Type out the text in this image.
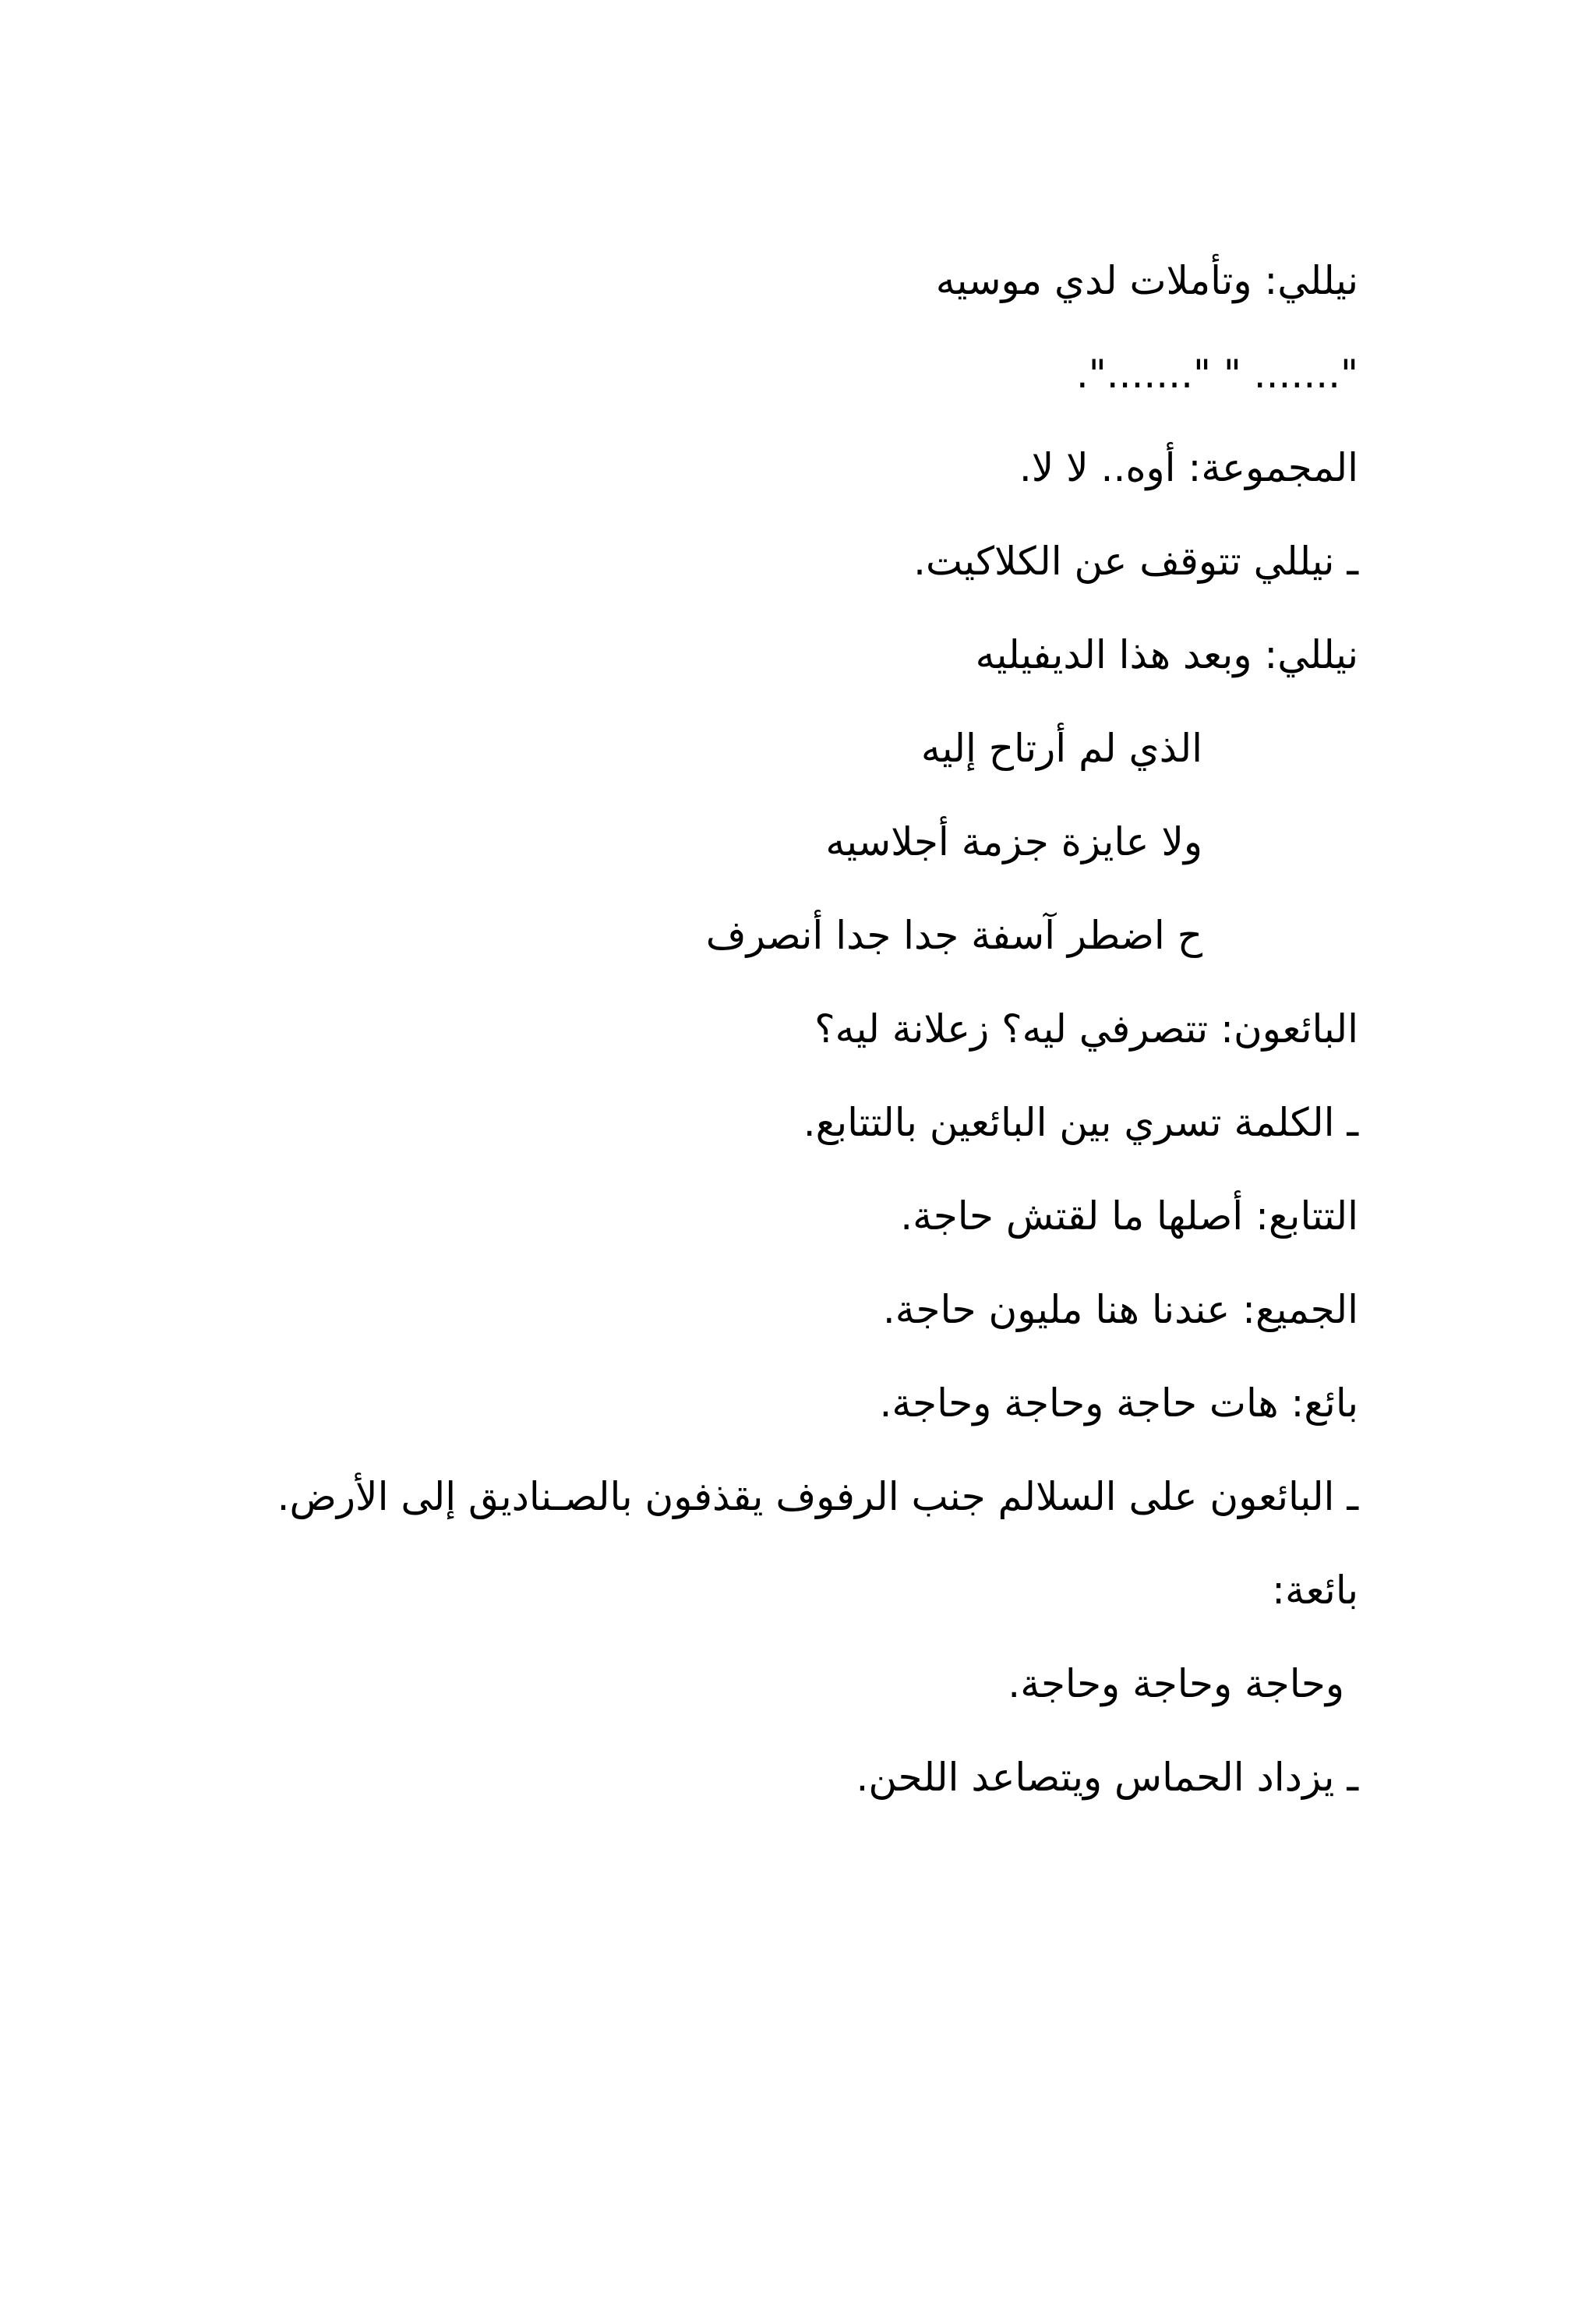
نيللي: وتأملات لدي موسيه
"....... " ".......".
المجموعة: أوه.. لا لا.
ـ نيللي تتوقف عن الكلاكيت.
نيللي: وبعد هذا الديفيليه
الذي لم أرتاح إليه
ولا عايزة جزمة أجلاسيه
ح اضطر آسفة جدا جدا أنصرف
البائعون: تتصرفي ليه؟ زعلانة ليه؟
ـ الكلمة تسري بين البائعين بالتتابع.
التتابع: أصلها ما لقتش حاجة.
الجميع: عندنا هنا مليون حاجة.
بائع: هات حاجة وحاجة وحاجة.
ـ البائعون على السلالم جنب الرفوف يقذفون بالصـناديق إلى الأرض.
بائعة:
وحاجة وحاجة وحاجة.
ـ يزداد الحماس ويتصاعد اللحن.
